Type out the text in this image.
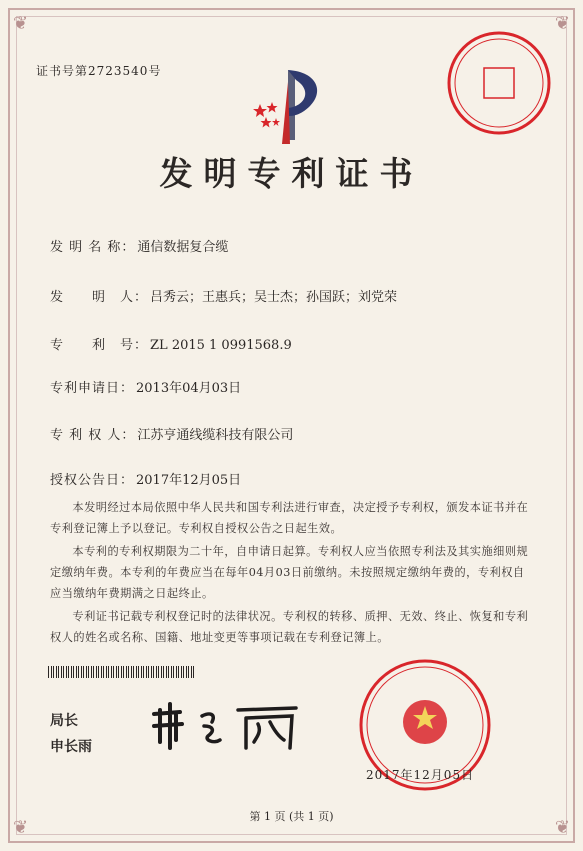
❦	❦
❦	❦
证书号第2723540号
发明专利证书
发 明 名 称： 通信数据复合缆
发　　明　人： 吕秀云；王惠兵；吴士杰；孙国跃；刘党荣
专　　利　号： ZL 2015 1 0991568.9
专利申请日： 2013年04月03日
专 利 权 人： 江苏亨通线缆科技有限公司
授权公告日： 2017年12月05日
本发明经过本局依照中华人民共和国专利法进行审查，决定授予专利权，颁发本证书并在专利登记簿上予以登记。专利权自授权公告之日起生效。
本专利的专利权期限为二十年，自申请日起算。专利权人应当依照专利法及其实施细则规定缴纳年费。本专利的年费应当在每年04月03日前缴纳。未按照规定缴纳年费的，专利权自应当缴纳年费期满之日起终止。
专利证书记载专利权登记时的法律状况。专利权的转移、质押、无效、终止、恢复和专利权人的姓名或名称、国籍、地址变更等事项记载在专利登记簿上。
局长
申长雨
2017年12月05日
第 1 页 (共 1 页)
